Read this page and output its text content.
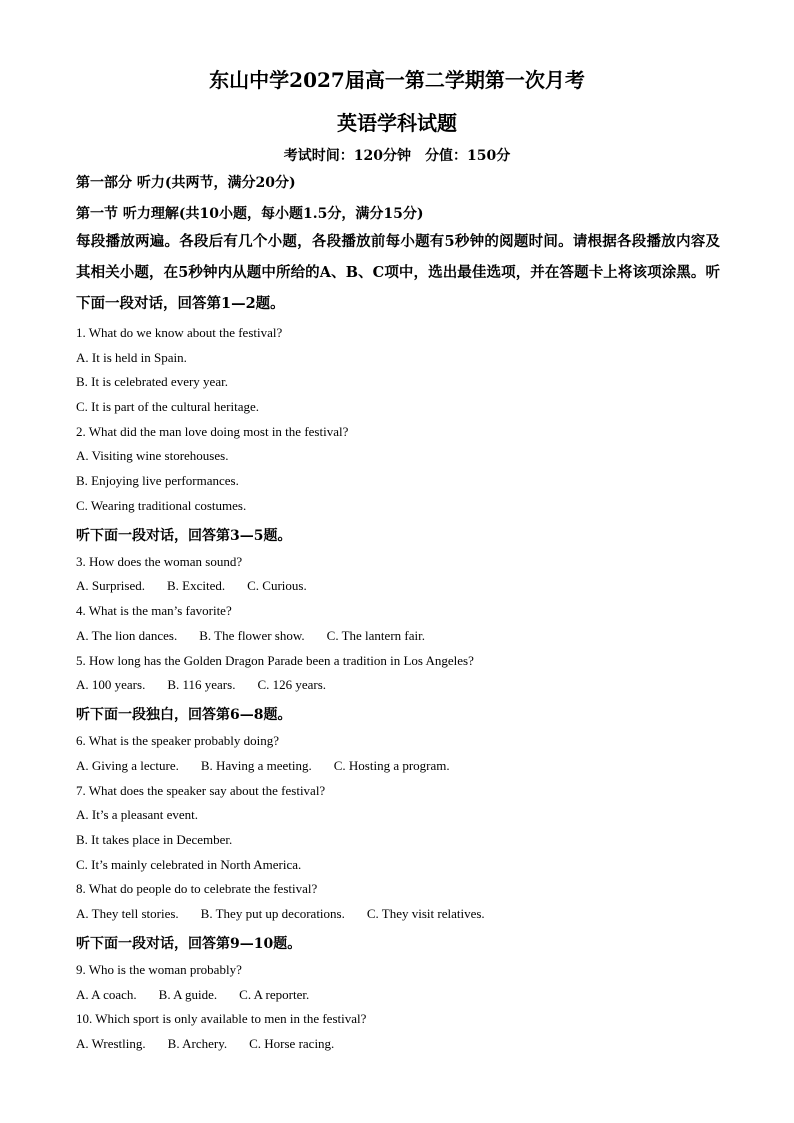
东山中学2027届高一第二学期第一次月考
英语学科试题
考试时间：120分钟 分值：150分
第一部分 听力(共两节，满分20分)
第一节 听力理解(共10小题，每小题1.5分，满分15分)
每段播放两遍。各段后有几个小题，各段播放前每小题有5秒钟的阅题时间。请根据各段播放内容及其相关小题，在5秒钟内从题中所给的A、B、C项中，选出最佳选项，并在答题卡上将该项涂黑。听下面一段对话，回答第1—2题。
1. What do we know about the festival?
A. It is held in Spain.
B. It is celebrated every year.
C. It is part of the cultural heritage.
2. What did the man love doing most in the festival?
A. Visiting wine storehouses.
B. Enjoying live performances.
C. Wearing traditional costumes.
听下面一段对话，回答第3—5题。
3. How does the woman sound?
A. Surprised. B. Excited. C. Curious.
4. What is the man’s favorite?
A. The lion dances. B. The flower show. C. The lantern fair.
5. How long has the Golden Dragon Parade been a tradition in Los Angeles?
A. 100 years. B. 116 years. C. 126 years.
听下面一段独白，回答第6—8题。
6. What is the speaker probably doing?
A. Giving a lecture. B. Having a meeting. C. Hosting a program.
7. What does the speaker say about the festival?
A. It’s a pleasant event.
B. It takes place in December.
C. It’s mainly celebrated in North America.
8. What do people do to celebrate the festival?
A. They tell stories. B. They put up decorations. C. They visit relatives.
听下面一段对话，回答第9—10题。
9. Who is the woman probably?
A. A coach. B. A guide. C. A reporter.
10. Which sport is only available to men in the festival?
A. Wrestling. B. Archery. C. Horse racing.
